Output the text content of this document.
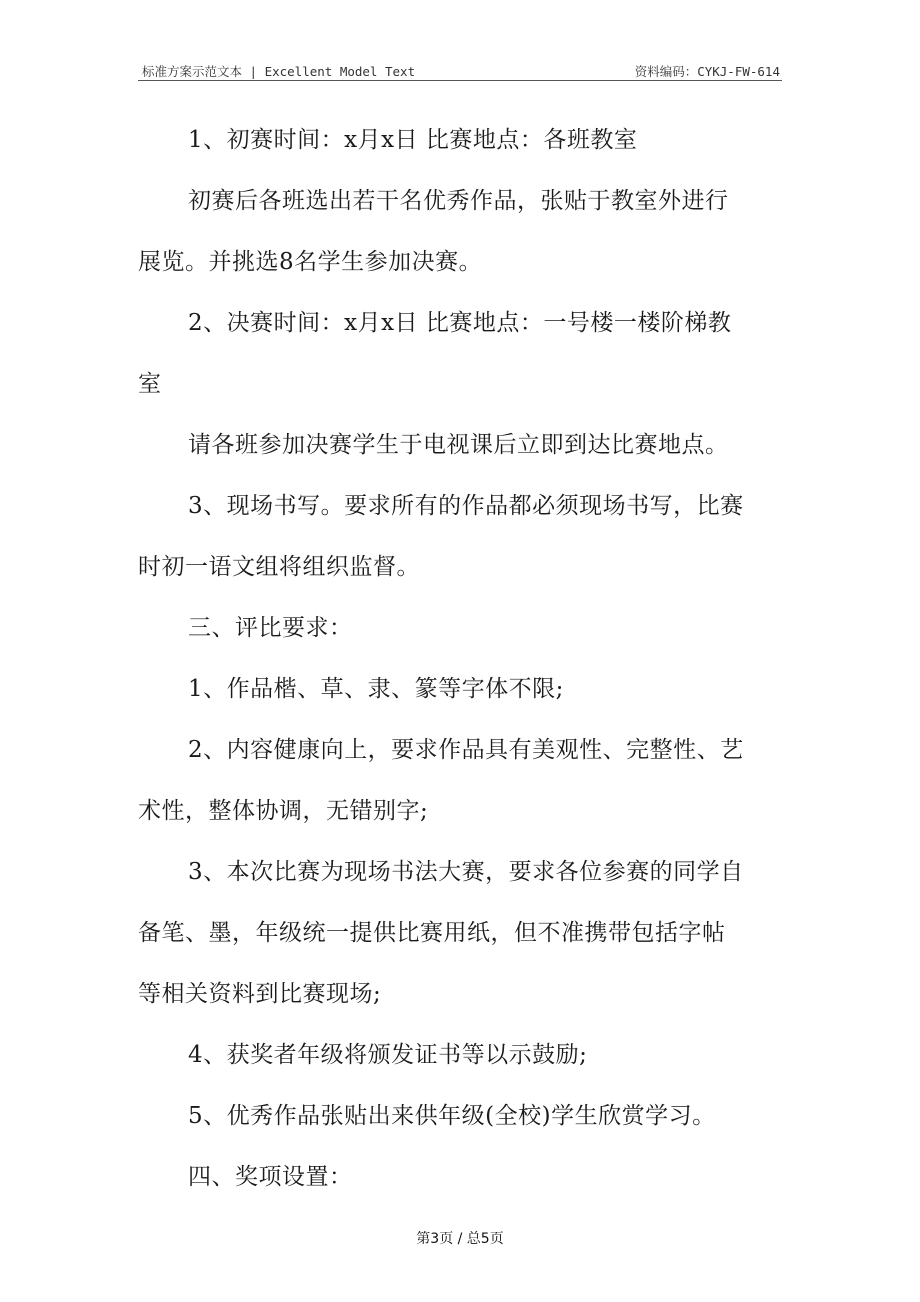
标准方案示范文本 | Excellent Model Text	资料编码：CYKJ-FW-614

1、初赛时间：x月x日 比赛地点：各班教室

初赛后各班选出若干名优秀作品，张贴于教室外进行

展览。并挑选8名学生参加决赛。

2、决赛时间：x月x日 比赛地点：一号楼一楼阶梯教

室

请各班参加决赛学生于电视课后立即到达比赛地点。

3、现场书写。要求所有的作品都必须现场书写，比赛

时初一语文组将组织监督。

三、评比要求：

1、作品楷、草、隶、篆等字体不限;

2、内容健康向上，要求作品具有美观性、完整性、艺

术性，整体协调，无错别字;

3、本次比赛为现场书法大赛，要求各位参赛的同学自

备笔、墨，年级统一提供比赛用纸，但不准携带包括字帖

等相关资料到比赛现场;

4、获奖者年级将颁发证书等以示鼓励;

5、优秀作品张贴出来供年级(全校)学生欣赏学习。

四、奖项设置：

第3页 / 总5页
